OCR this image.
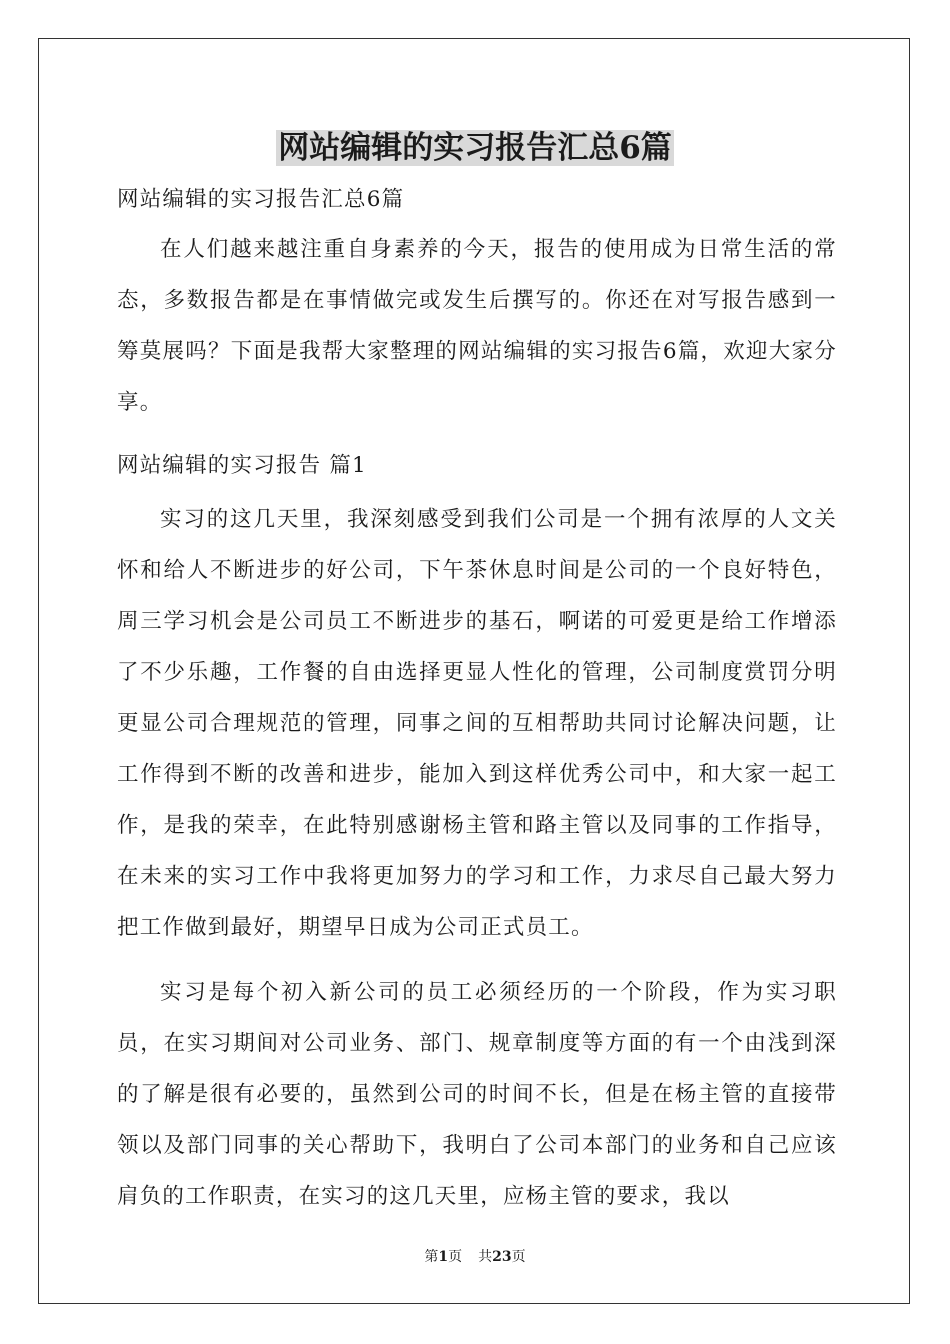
网站编辑的实习报告汇总6篇

网站编辑的实习报告汇总6篇

在人们越来越注重自身素养的今天，报告的使用成为日常生活的常态，多数报告都是在事情做完或发生后撰写的。你还在对写报告感到一筹莫展吗？下面是我帮大家整理的网站编辑的实习报告6篇，欢迎大家分享。

网站编辑的实习报告 篇1

实习的这几天里，我深刻感受到我们公司是一个拥有浓厚的人文关怀和给人不断进步的好公司，下午茶休息时间是公司的一个良好特色，周三学习机会是公司员工不断进步的基石，啊诺的可爱更是给工作增添了不少乐趣，工作餐的自由选择更显人性化的管理，公司制度赏罚分明更显公司合理规范的管理，同事之间的互相帮助共同讨论解决问题，让工作得到不断的改善和进步，能加入到这样优秀公司中，和大家一起工作，是我的荣幸，在此特别感谢杨主管和路主管以及同事的工作指导，在未来的实习工作中我将更加努力的学习和工作，力求尽自己最大努力把工作做到最好，期望早日成为公司正式员工。

实习是每个初入新公司的员工必须经历的一个阶段，作为实习职员，在实习期间对公司业务、部门、规章制度等方面的有一个由浅到深的了解是很有必要的，虽然到公司的时间不长，但是在杨主管的直接带领以及部门同事的关心帮助下，我明白了公司本部门的业务和自己应该肩负的工作职责，在实习的这几天里，应杨主管的要求，我以

第1页 共23页
